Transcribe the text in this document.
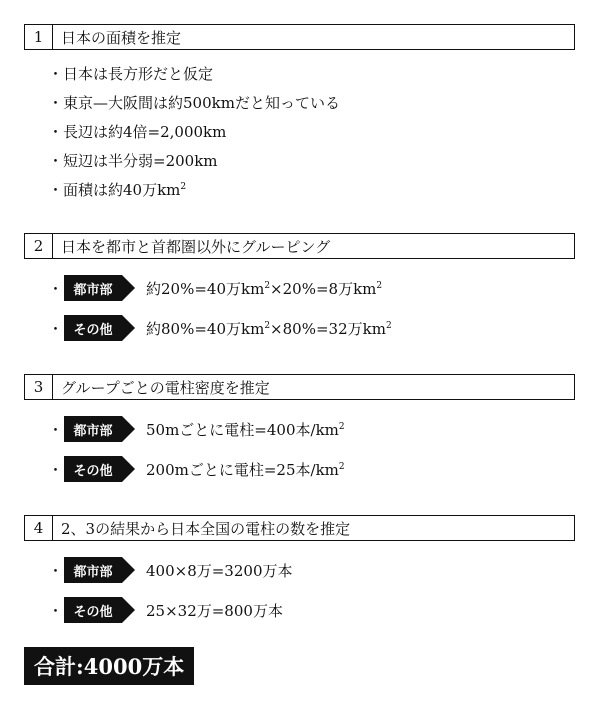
1	日本の面積を推定
・日本は長方形だと仮定
・東京—大阪間は約500kmだと知っている
・長辺は約4倍=2,000km
・短辺は半分弱=200km
・面積は約40万$km^2$
2	日本を都市と首都圏以外にグルーピング
・ 都市部	約20%=40万$km^2\times 20\%=8$万$km^2$
・ その他	約80%=40万$km^2\times 80\%=32$万$km^2$
3	グループごとの電柱密度を推定
・ 都市部	50mごとに電柱=400本$/km^2$
・ その他	200mごとに電柱=25本$/km^2$
4	2、3の結果から日本全国の電柱の数を推定
・ 都市部	400×8万=3200万本
・ その他	25×32万=800万本
合計:4000万本
